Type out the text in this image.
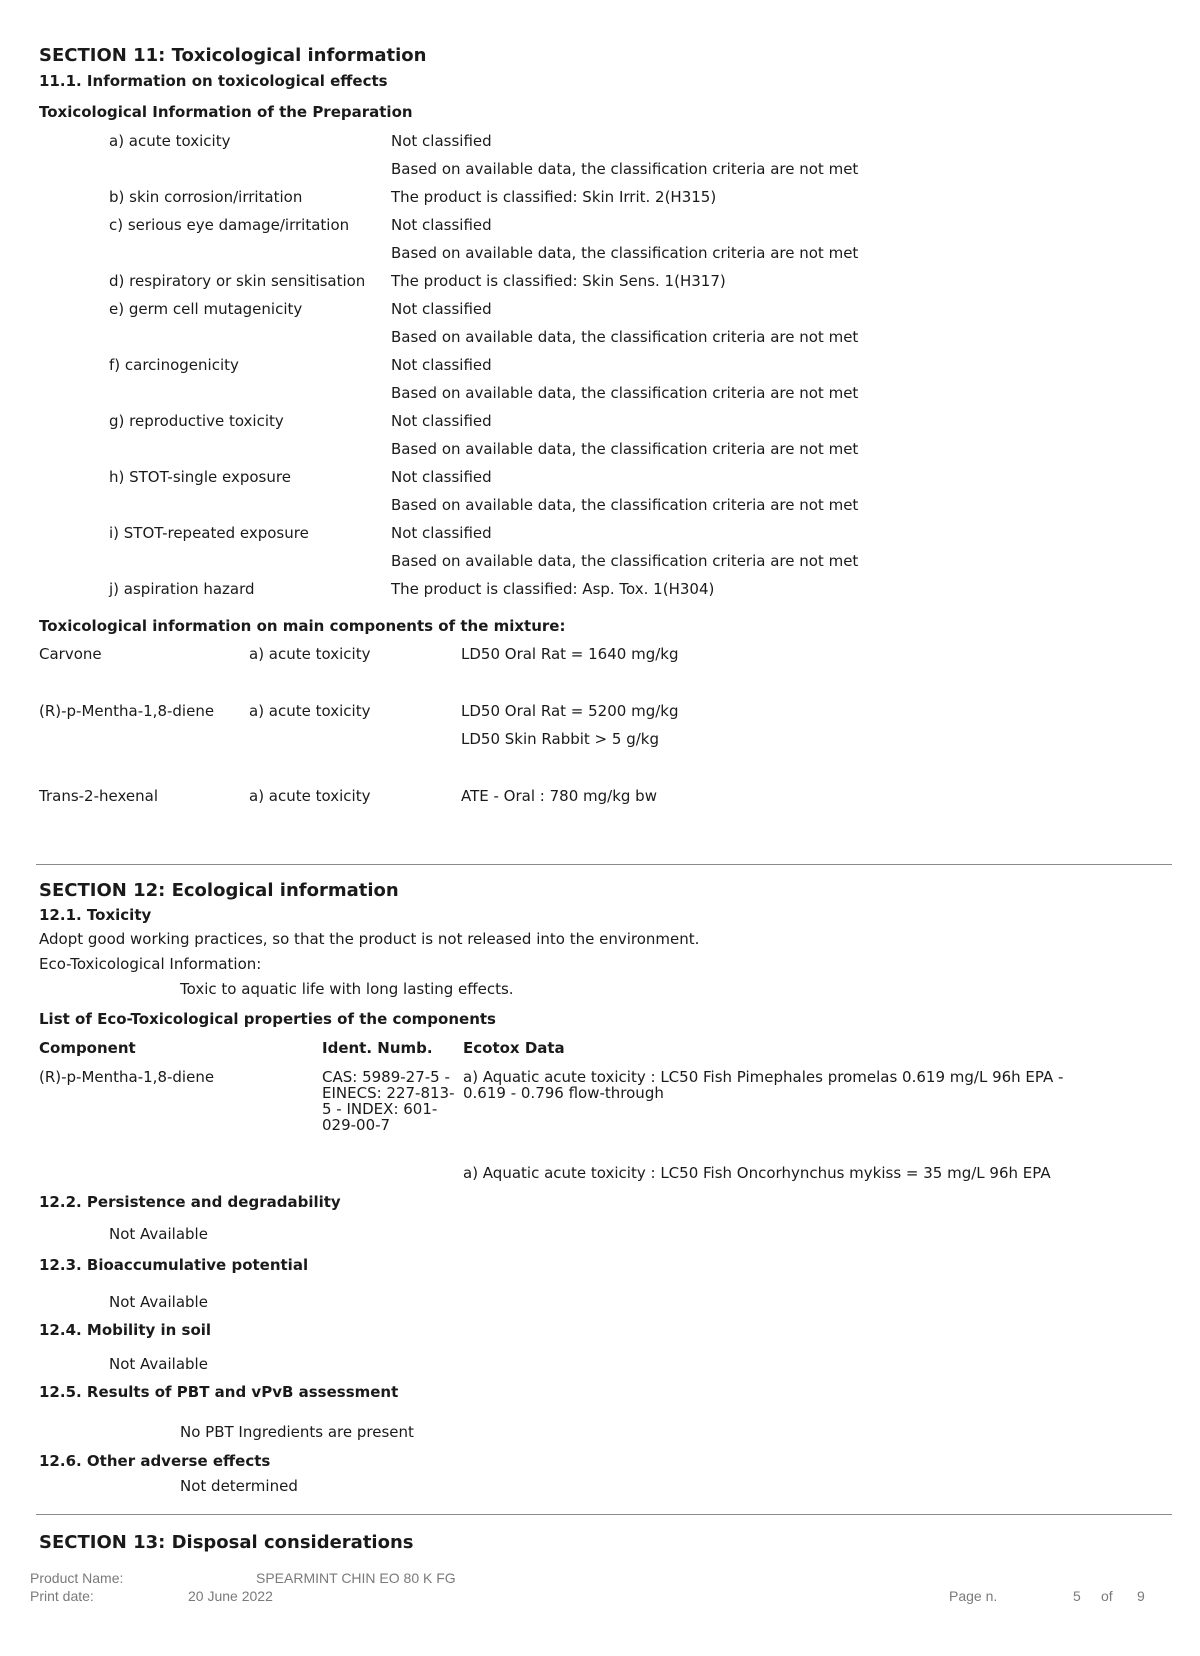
SECTION 11: Toxicological information
11.1. Information on toxicological effects
Toxicological Information of the Preparation
a) acute toxicity	Not classified
Based on available data, the classification criteria are not met
b) skin corrosion/irritation	The product is classified: Skin Irrit. 2(H315)
c) serious eye damage/irritation	Not classified
Based on available data, the classification criteria are not met
d) respiratory or skin sensitisation The product is classified: Skin Sens. 1(H317)
e) germ cell mutagenicity	Not classified
Based on available data, the classification criteria are not met
f) carcinogenicity	Not classified
Based on available data, the classification criteria are not met
g) reproductive toxicity	Not classified
Based on available data, the classification criteria are not met
h) STOT-single exposure	Not classified
Based on available data, the classification criteria are not met
i) STOT-repeated exposure	Not classified
Based on available data, the classification criteria are not met
j) aspiration hazard	The product is classified: Asp. Tox. 1(H304)
Toxicological information on main components of the mixture:
Carvone	a) acute toxicity	LD50 Oral Rat = 1640 mg/kg
(R)-p-Mentha-1,8-diene a) acute toxicity	LD50 Oral Rat = 5200 mg/kg
LD50 Skin Rabbit > 5 g/kg
Trans-2-hexenal	a) acute toxicity	ATE - Oral : 780 mg/kg bw
SECTION 12: Ecological information
12.1. Toxicity
Adopt good working practices, so that the product is not released into the environment.
Eco-Toxicological Information:
Toxic to aquatic life with long lasting effects.
List of Eco-Toxicological properties of the components
Component	Ident. Numb. Ecotox Data
(R)-p-Mentha-1,8-diene	CAS: 5989-27-5 - EINECS: 227-813-5 - INDEX: 601-029-00-7
a) Aquatic acute toxicity : LC50 Fish Pimephales promelas 0.619 mg/L 96h EPA - 0.619 - 0.796 flow-through
a) Aquatic acute toxicity : LC50 Fish Oncorhynchus mykiss = 35 mg/L 96h EPA
12.2. Persistence and degradability
Not Available
12.3. Bioaccumulative potential
Not Available
12.4. Mobility in soil
Not Available
12.5. Results of PBT and vPvB assessment
No PBT Ingredients are present
12.6. Other adverse effects
Not determined
SECTION 13: Disposal considerations
Product Name:	SPEARMINT CHIN EO 80 K FG
Print date:	20 June 2022	Page n.	5 of 9
